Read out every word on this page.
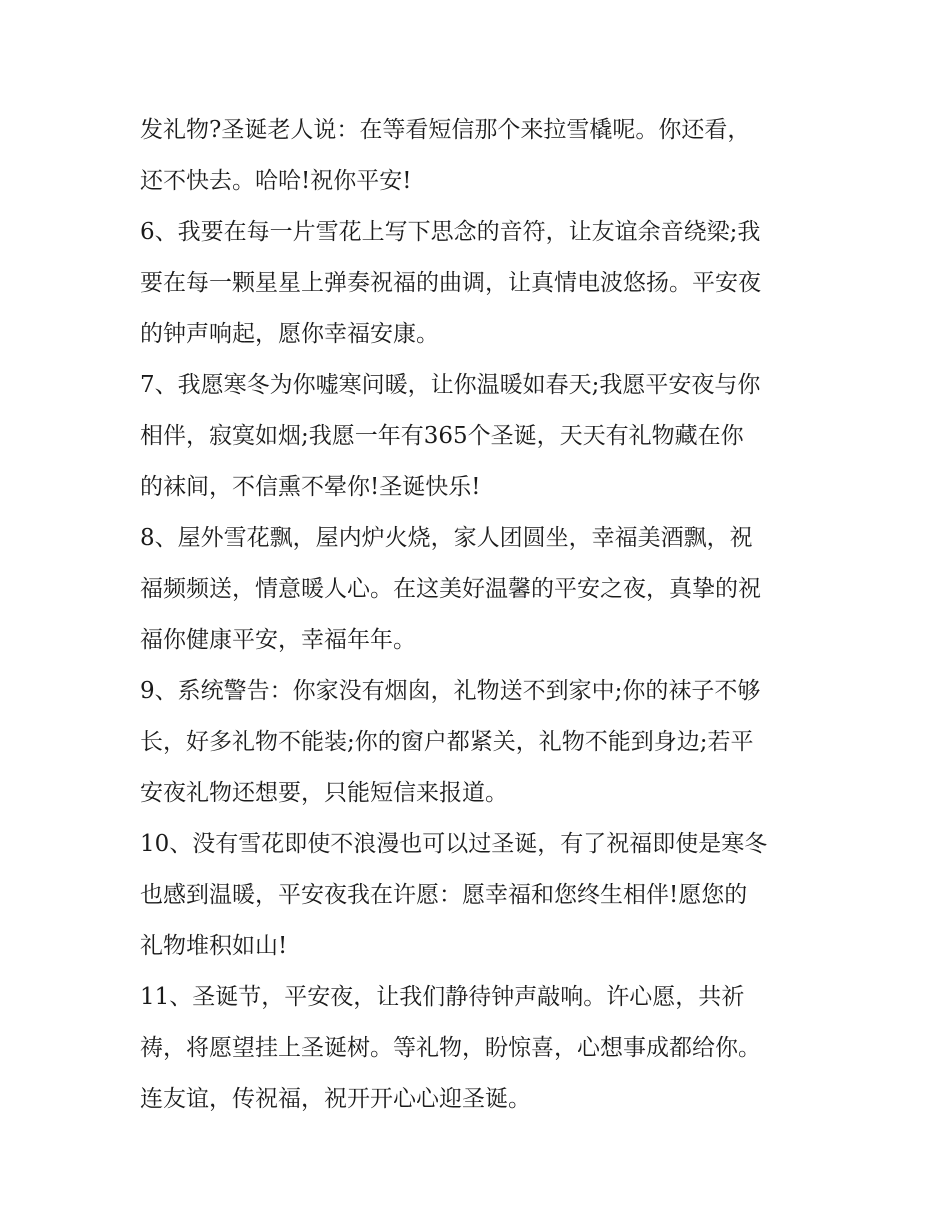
发礼物?圣诞老人说：在等看短信那个来拉雪橇呢。你还看，
还不快去。哈哈!祝你平安!
6、我要在每一片雪花上写下思念的音符，让友谊余音绕梁;我
要在每一颗星星上弹奏祝福的曲调，让真情电波悠扬。平安夜
的钟声响起，愿你幸福安康。
7、我愿寒冬为你嘘寒问暖，让你温暖如春天;我愿平安夜与你
相伴，寂寞如烟;我愿一年有365个圣诞，天天有礼物藏在你
的袜间，不信熏不晕你!圣诞快乐!
8、屋外雪花飘，屋内炉火烧，家人团圆坐，幸福美酒飘，祝
福频频送，情意暖人心。在这美好温馨的平安之夜，真挚的祝
福你健康平安，幸福年年。
9、系统警告：你家没有烟囱，礼物送不到家中;你的袜子不够
长，好多礼物不能装;你的窗户都紧关，礼物不能到身边;若平
安夜礼物还想要，只能短信来报道。
10、没有雪花即使不浪漫也可以过圣诞，有了祝福即使是寒冬
也感到温暖，平安夜我在许愿：愿幸福和您终生相伴!愿您的
礼物堆积如山!
11、圣诞节，平安夜，让我们静待钟声敲响。许心愿，共祈
祷，将愿望挂上圣诞树。等礼物，盼惊喜，心想事成都给你。
连友谊，传祝福，祝开开心心迎圣诞。
